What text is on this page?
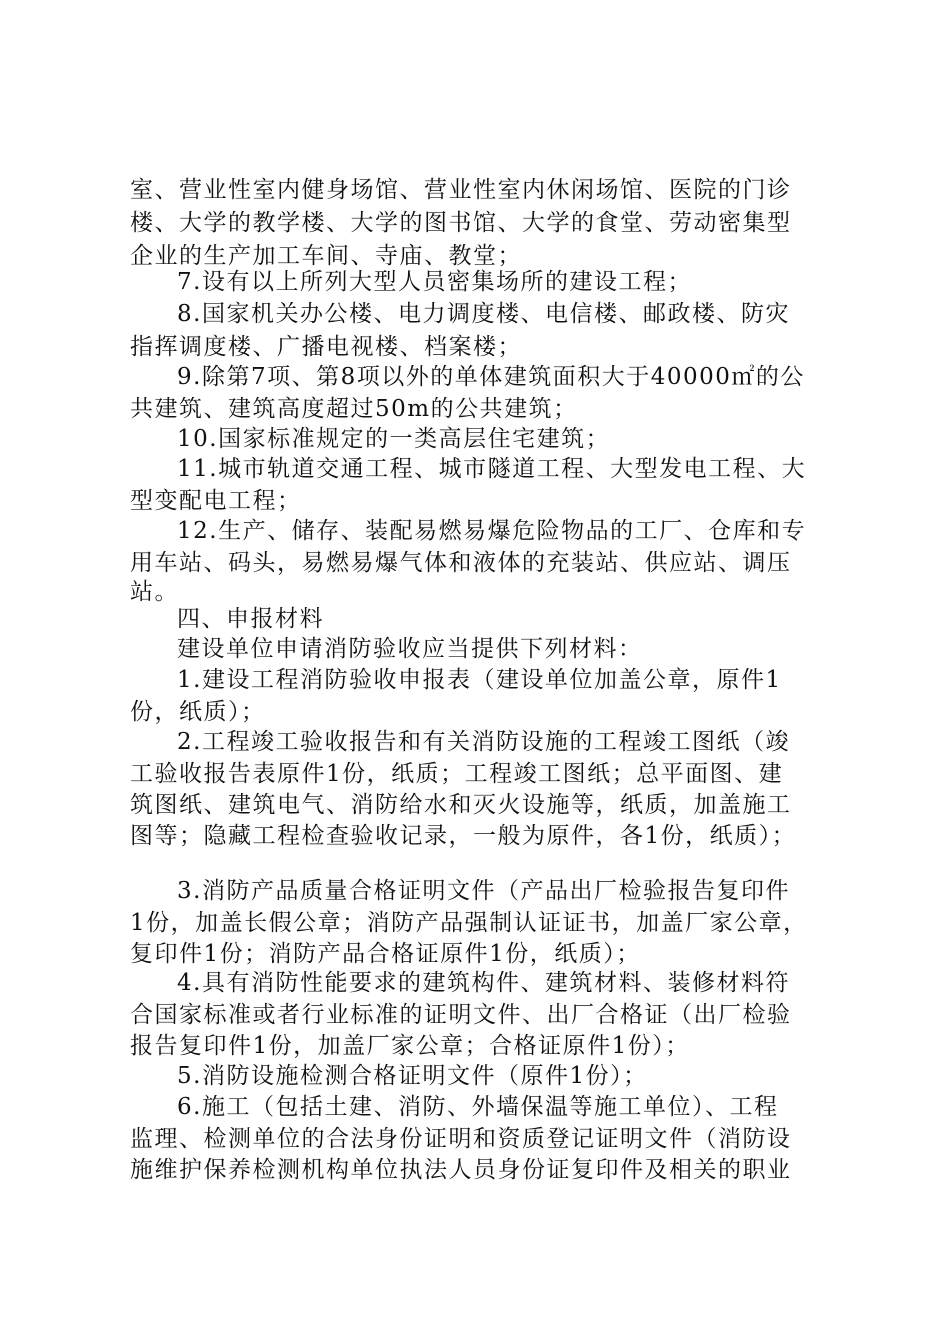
室、营业性室内健身场馆、营业性室内休闲场馆、医院的门诊
楼、大学的教学楼、大学的图书馆、大学的食堂、劳动密集型
企业的生产加工车间、寺庙、教堂；
7.设有以上所列大型人员密集场所的建设工程；
8.国家机关办公楼、电力调度楼、电信楼、邮政楼、防灾
指挥调度楼、广播电视楼、档案楼；
9.除第7项、第8项以外的单体建筑面积大于40000㎡的公
共建筑、建筑高度超过50m的公共建筑；
10.国家标准规定的一类高层住宅建筑；
11.城市轨道交通工程、城市隧道工程、大型发电工程、大
型变配电工程；
12.生产、储存、装配易燃易爆危险物品的工厂、仓库和专
用车站、码头，易燃易爆气体和液体的充装站、供应站、调压
站。
四、申报材料
建设单位申请消防验收应当提供下列材料：
1.建设工程消防验收申报表（建设单位加盖公章，原件1
份，纸质）；
2.工程竣工验收报告和有关消防设施的工程竣工图纸（竣
工验收报告表原件1份，纸质；工程竣工图纸；总平面图、建
筑图纸、建筑电气、消防给水和灭火设施等，纸质，加盖施工
图等；隐藏工程检查验收记录，一般为原件，各1份，纸质）；
3.消防产品质量合格证明文件（产品出厂检验报告复印件
1份，加盖长假公章；消防产品强制认证证书，加盖厂家公章，
复印件1份；消防产品合格证原件1份，纸质）；
4.具有消防性能要求的建筑构件、建筑材料、装修材料符
合国家标准或者行业标准的证明文件、出厂合格证（出厂检验
报告复印件1份，加盖厂家公章；合格证原件1份）；
5.消防设施检测合格证明文件（原件1份）；
6.施工（包括土建、消防、外墙保温等施工单位）、工程
监理、检测单位的合法身份证明和资质登记证明文件（消防设
施维护保养检测机构单位执法人员身份证复印件及相关的职业
